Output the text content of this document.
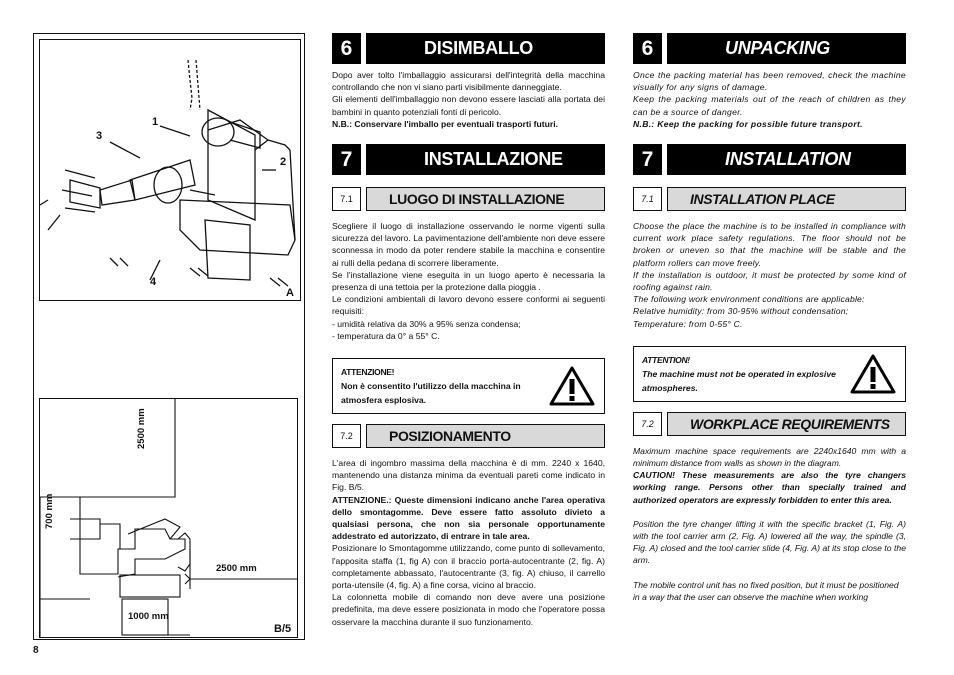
1
2
3
4
A
2500 mm
700 mm
2500 mm
1000 mm
B/5
8
6	DISIMBALLO

Dopo aver tolto l'imballaggio assicurarsi dell'integrità della macchina controllando che non vi siano parti visibilmente danneggiate.

Gli elementi dell'imballaggio non devono essere lasciati alla portata dei bambini in quanto potenziali fonti di pericolo.

N.B.: Conservare l'imballo per eventuali trasporti futuri.

7	INSTALLAZIONE
7.1	LUOGO DI INSTALLAZIONE

Scegliere il luogo di installazione osservando le norme vigenti sulla sicurezza del lavoro. La pavimentazione dell'ambiente non deve essere sconnessa in modo da poter rendere stabile la macchina e consentire ai rulli della pedana di scorrere liberamente.

Se l'installazione viene eseguita in un luogo aperto è necessaria la presenza di una tettoia per la protezione dalla pioggia .

Le condizioni ambientali di lavoro devono essere conformi ai seguenti requisiti:

- umidità relativa da 30% a 95% senza condensa;

- temperatura da 0° a 55° C.

ATTENZIONE!
Non è consentito l'utilizzo della macchina in atmosfera esplosiva.
7.2	POSIZIONAMENTO

L'area di ingombro massima della macchina è di mm. 2240 x 1640, mantenendo una distanza minima da eventuali pareti come indicato in Fig. B/5.

ATTENZIONE.: Queste dimensioni indicano anche l'area operativa dello smontagomme. Deve essere fatto assoluto divieto a qualsiasi persona, che non sia personale opportunamente addestrato ed autorizzato, di entrare in tale area.

Posizionare lo Smontagomme utilizzando, come punto di sollevamento, l'apposita staffa (1, fig A) con il braccio porta-autocentrante (2, fig. A) completamente abbassato, l'autocentrante (3, fig. A) chiuso, il carrello porta-utensile (4, fig. A) a fine corsa, vicino al braccio.

La colonnetta mobile di comando non deve avere una posizione predefinita, ma deve essere posizionata in modo che l'operatore possa osservare la macchina durante il suo funzionamento.

6	UNPACKING

Once the packing material has been removed, check the machine visually for any signs of damage.

Keep the packing materials out of the reach of children as they can be a source of danger.

N.B.: Keep the packing for possible future transport.

7	INSTALLATION
7.1	INSTALLATION PLACE

Choose the place the machine is to be installed in compliance with current work place safety regulations. The floor should not be broken or uneven so that the machine will be stable and the platform rollers can move freely.

If the installation is outdoor, it must be protected by some kind of roofing against rain.

The following work environment conditions are applicable:

Relative humidity: from 30-95% without condensation;

Temperature: from 0-55° C.

ATTENTION!
The machine must not be operated in explosive atmospheres.
7.2	WORKPLACE REQUIREMENTS

Maximum machine space requirements are 2240x1640 mm with a minimum distance from walls as shown in the diagram.

CAUTION! These measurements are also the tyre changers working range. Persons other than specially trained and authorized operators are expressly forbidden to enter this area.

Position the tyre changer lifting it with the specific bracket (1, Fig. A) with the tool carrier arm (2, Fig. A) lowered all the way, the spindle (3, Fig. A) closed and the tool carrier slide (4, Fig. A) at its stop close to the arm.

The mobile control unit has no fixed position, but it must be positioned in a way that the user can observe the machine when working
